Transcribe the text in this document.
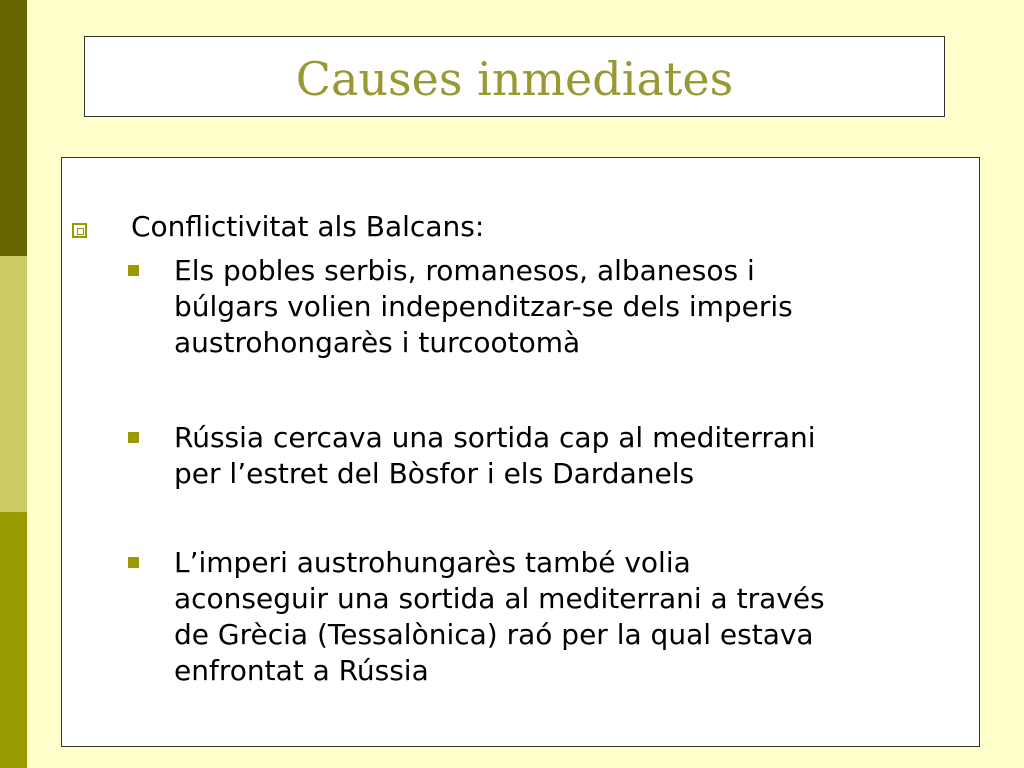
Causes inmediates
Conflictivitat als Balcans:
Els pobles serbis, romanesos, albanesos i
búlgars volien independitzar-se dels imperis
austrohongarès i turcootomà
Rússia cercava una sortida cap al mediterrani
per l’estret del Bòsfor i els Dardanels
L’imperi austrohungarès també volia
aconseguir una sortida al mediterrani a través
de Grècia (Tessalònica) raó per la qual estava
enfrontat a Rússia
